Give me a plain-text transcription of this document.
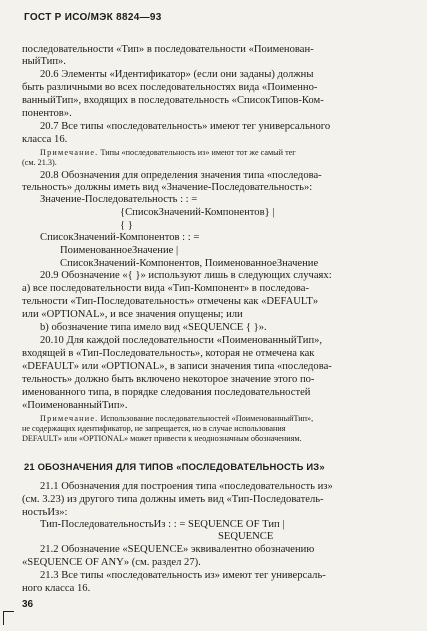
ГОСТ Р ИСО/МЭК 8824—93
последовательности «Тип» в последовательности «Поименован-
ныйТип».
20.6 Элементы «Идентификатор» (если они заданы) должны
быть различными во всех последовательностях вида «Поименно-
ванныйТип», входящих в последовательность «СписокТипов-Ком-
понентов».
20.7 Все типы «последовательность» имеют тег универсального
класса 16.
Примечание. Типы «последовательность из» имеют тот же самый тег
(см. 21.3).
20.8 Обозначения для определения значения типа «последова-
тельность» должны иметь вид «Значение-Последовательность»:
Значение-Последовательность : : =
{СписокЗначений-Компонентов} |
{ }
СписокЗначений-Компонентов : : =
ПоименованноеЗначение |
СписокЗначений-Компонентов, ПоименованноеЗначение
20.9 Обозначение «{ }» используют лишь в следующих случаях:
а) все последовательности вида «Тип-Компонент» в последова-
тельности «Тип-Последовательность» отмечены как «DEFAULT»
или «OPTIONAL», и все значения опущены; или
b) обозначение типа имело вид «SEQUENCE { }».
20.10 Для каждой последовательности «ПоименованныйТип»,
входящей в «Тип-Последовательность», которая не отмечена как
«DEFAULT» или «OPTIONAL», в записи значения типа «последова-
тельность» должно быть включено некоторое значение этого по-
именованного типа, в порядке следования последовательностей
«ПоименованныйТип».
Примечание. Использование последовательностей «ПоименованныйТип»,
не содержащих идентификатор, не запрещается, но в случае использования
DEFAULT» или «OPTIONAL» может привести к неоднозначным обозначениям.
21 ОБОЗНАЧЕНИЯ ДЛЯ ТИПОВ «ПОСЛЕДОВАТЕЛЬНОСТЬ ИЗ»
21.1 Обозначения для построения типа «последовательность из»
(см. 3.23) из другого типа должны иметь вид «Тип-Последователь-
ностьИз»:
Тип-ПоследовательностьИз : : = SEQUENCE OF Тип |
SEQUENCE
21.2 Обозначение «SEQUENCE» эквивалентно обозначению
«SEQUENCE OF ANY» (см. раздел 27).
21.3 Все типы «последовательность из» имеют тег универсаль-
ного класса 16.
36
